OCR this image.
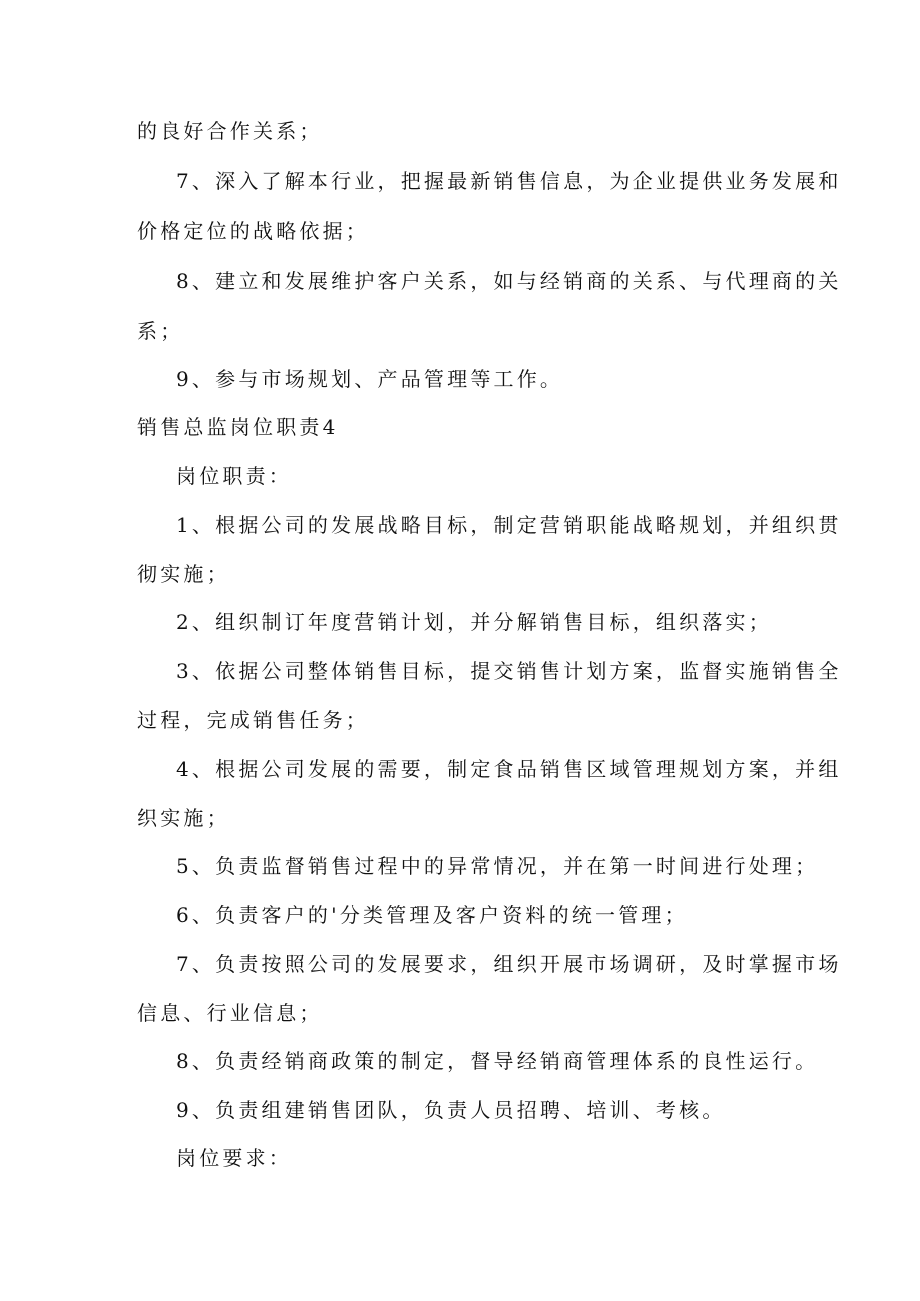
的良好合作关系；
7、深入了解本行业，把握最新销售信息，为企业提供业务发展和
价格定位的战略依据；
8、建立和发展维护客户关系，如与经销商的关系、与代理商的关
系；
9、参与市场规划、产品管理等工作。
销售总监岗位职责4
岗位职责：
1、根据公司的发展战略目标，制定营销职能战略规划，并组织贯
彻实施；
2、组织制订年度营销计划，并分解销售目标，组织落实；
3、依据公司整体销售目标，提交销售计划方案，监督实施销售全
过程，完成销售任务；
4、根据公司发展的需要，制定食品销售区域管理规划方案，并组
织实施；
5、负责监督销售过程中的异常情况，并在第一时间进行处理；
6、负责客户的'分类管理及客户资料的统一管理；
7、负责按照公司的发展要求，组织开展市场调研，及时掌握市场
信息、行业信息；
8、负责经销商政策的制定，督导经销商管理体系的良性运行。
9、负责组建销售团队，负责人员招聘、培训、考核。
岗位要求：
